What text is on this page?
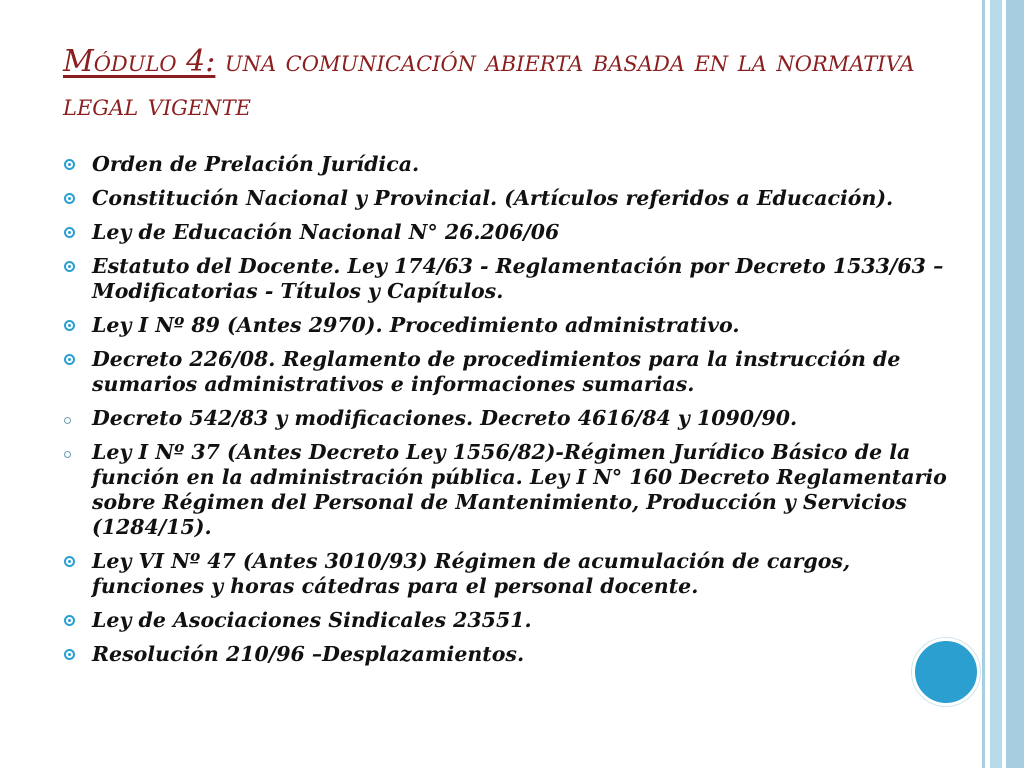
Módulo 4: una comunicación abierta basada en la normativa legal vigente
Orden de Prelación Jurídica.
Constitución Nacional y Provincial. (Artículos referidos a Educación).
Ley de Educación Nacional N° 26.206/06
Estatuto del Docente. Ley 174/63 - Reglamentación por Decreto 1533/63 – Modificatorias - Títulos y Capítulos.
Ley I Nº 89 (Antes 2970). Procedimiento administrativo.
Decreto 226/08. Reglamento de procedimientos para la instrucción de sumarios administrativos e informaciones sumarias.
Decreto 542/83 y modificaciones. Decreto 4616/84 y 1090/90.
Ley I Nº 37 (Antes Decreto Ley 1556/82)-Régimen Jurídico Básico de la función en la administración pública. Ley I N° 160 Decreto Reglamentario sobre Régimen del Personal de Mantenimiento, Producción y Servicios (1284/15).
Ley VI Nº 47 (Antes 3010/93) Régimen de acumulación de cargos, funciones y horas cátedras para el personal docente.
Ley de Asociaciones Sindicales 23551.
Resolución 210/96 –Desplazamientos.
